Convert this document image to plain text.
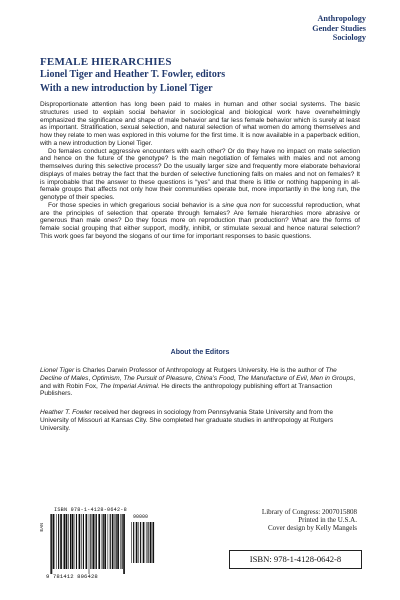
Anthropology
Gender Studies
Sociology
FEMALE HIERARCHIES
Lionel Tiger and Heather T. Fowler, editors
With a new introduction by Lionel Tiger

Disproportionate attention has long been paid to males in human and other social systems. The basic structures used to explain social behavior in sociological and biological work have overwhelmingly emphasized the significance and shape of male behavior and far less female behavior which is surely at least as important. Stratification, sexual selection, and natural selection of what women do among themselves and how they relate to men was explored in this volume for the first time. It is now available in a paperback edition, with a new introduction by Lionel Tiger.

Do females conduct aggressive encounters with each other? Or do they have no impact on mate selection and hence on the future of the genotype? Is the main negotiation of females with males and not among themselves during this selective process? Do the usually larger size and frequently more elaborate behavioral displays of males betray the fact that the burden of selective functioning falls on males and not on females? It is improbable that the answer to these questions is “yes” and that there is little or nothing happening in all-female groups that affects not only how their communities operate but, more importantly in the long run, the genotype of their species.

For those species in which gregarious social behavior is a sine qua non for successful reproduction, what are the principles of selection that operate through females? Are female hierarchies more abrasive or generous than male ones? Do they focus more on reproduction than production? What are the forms of female social grouping that either support, modify, inhibit, or stimulate sexual and hence natural selection? This work goes far beyond the slogans of our time for important responses to basic questions.

About the Editors
Lionel Tiger is Charles Darwin Professor of Anthropology at Rutgers University. He is the author of The Decline of Males, Optimism, The Pursuit of Pleasure, China’s Food, The Manufacture of Evil, Men in Groups, and with Robin Fox, The Imperial Animal. He directs the anthropology publishing effort at Transaction Publishers.
Heather T. Fowler received her degrees in sociology from Pennsylvania State University and from the University of Missouri at Kansas City. She completed her graduate studies in anthropology at Rutgers University.
ISBN 978-1-4128-0642-8
EAN
90000
9 781412 806428
Library of Congress: 2007015808
Printed in the U.S.A.
Cover design by Kelly Mangels
ISBN: 978-1-4128-0642-8
